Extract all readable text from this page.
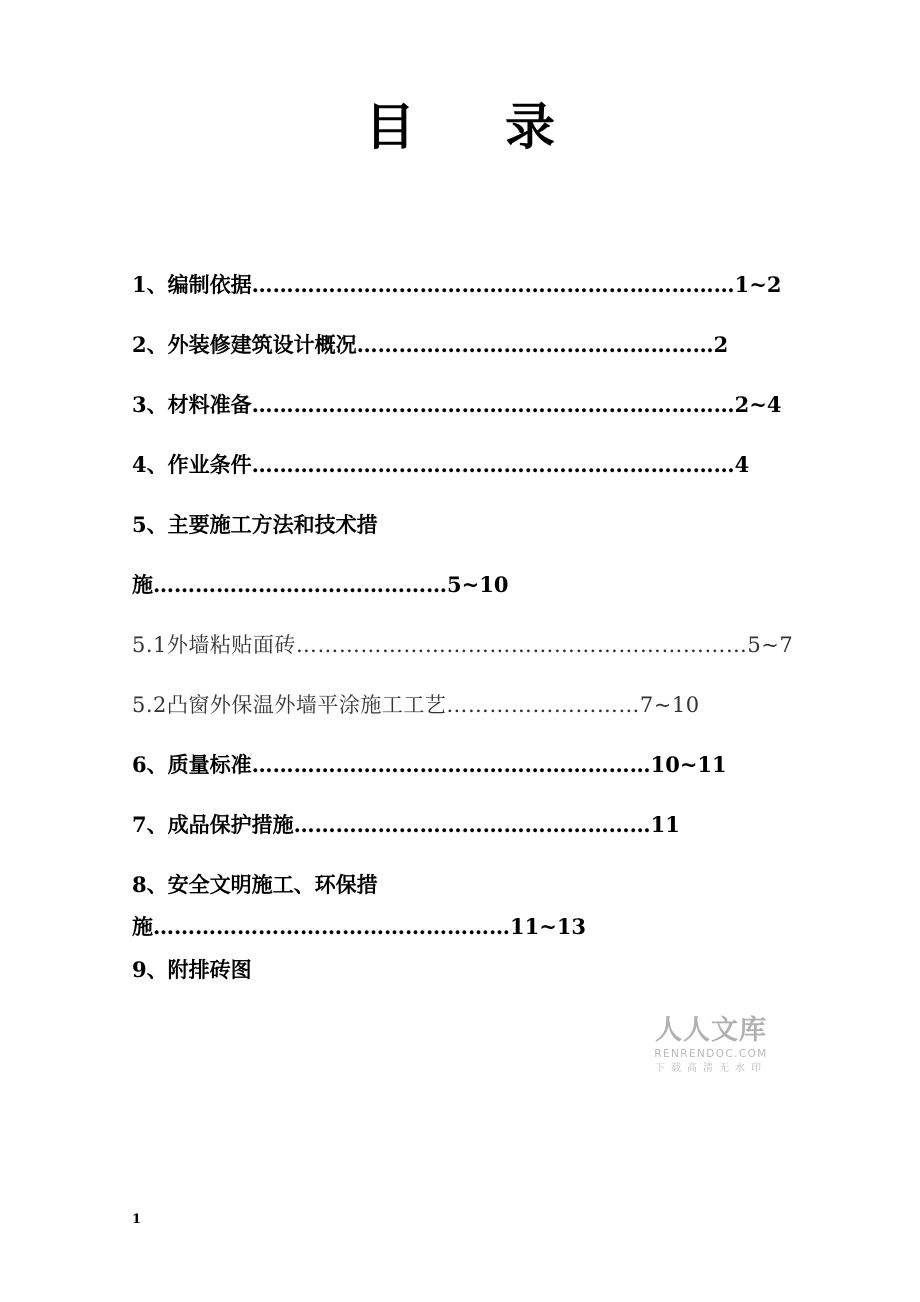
目录
1、编制依据……………………………………………………………1~2
2、外装修建筑设计概况……………………………………………2
3、材料准备……………………………………………………………2~4
4、作业条件……………………………………………………………4
5、主要施工方法和技术措
施……………………………………5~10
5.1外墙粘贴面砖………………………………………………………5~7
5.2凸窗外保温外墙平涂施工工艺………………………7~10
6、质量标准…………………………………………………10~11
7、成品保护措施……………………………………………11
8、安全文明施工、环保措
施……………………………………………11~13
9、附排砖图
人人文库
RENRENDOC.COM
下载高清无水印
1
